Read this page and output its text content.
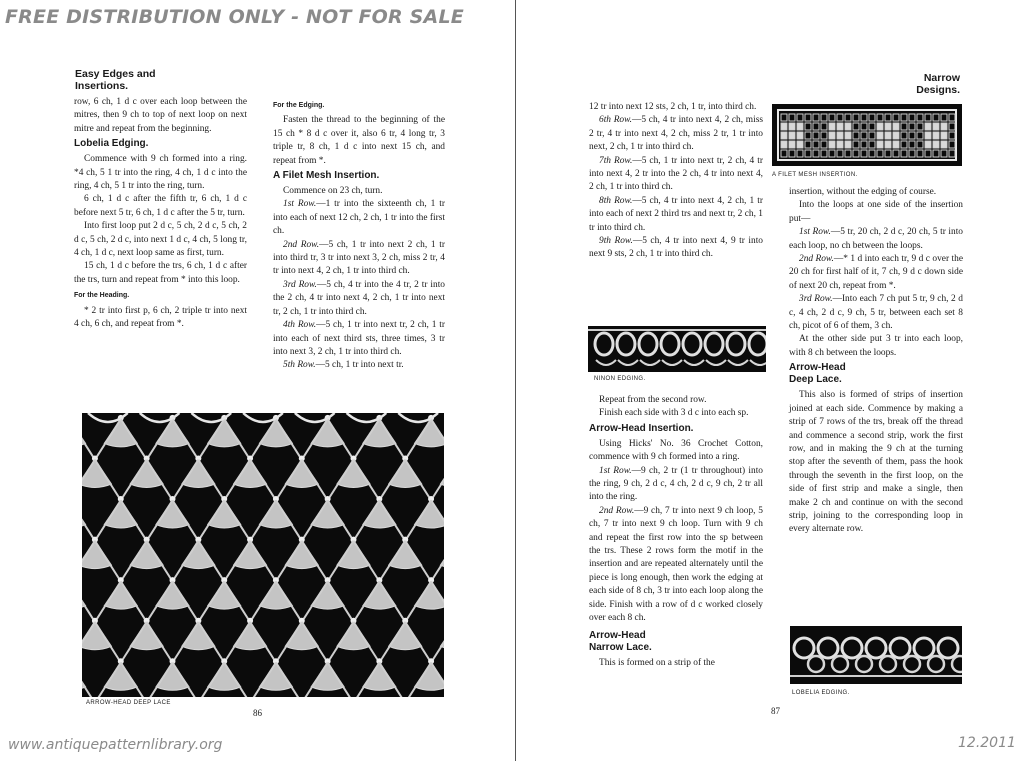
FREE DISTRIBUTION ONLY - NOT FOR SALE
www.antiquepatternlibrary.org	12.2011
Easy Edges and
Insertions.

row, 6 ch, 1 d c over each loop between the mitres, then 9 ch to top of next loop on next mitre and repeat from the beginning.

Lobelia Edging.

Commence with 9 ch formed into a ring. *4 ch, 5 1 tr into the ring, 4 ch, 1 d c into the ring, 4 ch, 5 1 tr into the ring, turn.

6 ch, 1 d c after the fifth tr, 6 ch, 1 d c before next 5 tr, 6 ch, 1 d c after the 5 tr, turn.

Into first loop put 2 d c, 5 ch, 2 d c, 5 ch, 2 d c, 5 ch, 2 d c, into next 1 d c, 4 ch, 5 long tr, 4 ch, 1 d c, next loop same as first, turn.

15 ch, 1 d c before the trs, 6 ch, 1 d c after the trs, turn and repeat from * into this loop.

For the Heading.

* 2 tr into first p, 6 ch, 2 triple tr into next 4 ch, 6 ch, and repeat from *.

For the Edging.

Fasten the thread to the beginning of the 15 ch * 8 d c over it, also 6 tr, 4 long tr, 3 triple tr, 8 ch, 1 d c into next 15 ch, and repeat from *.

A Filet Mesh Insertion.

Commence on 23 ch, turn.

1st Row.—1 tr into the sixteenth ch, 1 tr into each of next 12 ch, 2 ch, 1 tr into the first ch.

2nd Row.—5 ch, 1 tr into next 2 ch, 1 tr into third tr, 3 tr into next 3, 2 ch, miss 2 tr, 4 tr into next 4, 2 ch, 1 tr into third ch.

3rd Row.—5 ch, 4 tr into the 4 tr, 2 tr into the 2 ch, 4 tr into next 4, 2 ch, 1 tr into next tr, 2 ch, 1 tr into third ch.

4th Row.—5 ch, 1 tr into next tr, 2 ch, 1 tr into each of next third sts, three times, 3 tr into next 3, 2 ch, 1 tr into third ch.

5th Row.—5 ch, 1 tr into next tr.

ARROW-HEAD DEEP LACE
86
Narrow
Designs.

12 tr into next 12 sts, 2 ch, 1 tr, into third ch.

6th Row.—5 ch, 4 tr into next 4, 2 ch, miss 2 tr, 4 tr into next 4, 2 ch, miss 2 tr, 1 tr into next, 2 ch, 1 tr into third ch.

7th Row.—5 ch, 1 tr into next tr, 2 ch, 4 tr into next 4, 2 tr into the 2 ch, 4 tr into next 4, 2 ch, 1 tr into third ch.

8th Row.—5 ch, 4 tr into next 4, 2 ch, 1 tr into each of next 2 third trs and next tr, 2 ch, 1 tr into third ch.

9th Row.—5 ch, 4 tr into next 4, 9 tr into next 9 sts, 2 ch, 1 tr into third ch.

NINON EDGING.

Repeat from the second row.

Finish each side with 3 d c into each sp.

Arrow-Head Insertion.

Using Hicks' No. 36 Crochet Cotton, commence with 9 ch formed into a ring.

1st Row.—9 ch, 2 tr (1 tr throughout) into the ring, 9 ch, 2 d c, 4 ch, 2 d c, 9 ch, 2 tr all into the ring.

2nd Row.—9 ch, 7 tr into next 9 ch loop, 5 ch, 7 tr into next 9 ch loop. Turn with 9 ch and repeat the first row into the sp between the trs. These 2 rows form the motif in the insertion and are repeated alternately until the piece is long enough, then work the edging at each side of 8 ch, 3 tr into each loop along the side. Finish with a row of d c worked closely over each 8 ch.

Arrow-Head
Narrow Lace.

This is formed on a strip of the

87
A FILET MESH INSERTION.

insertion, without the edging of course.

Into the loops at one side of the insertion put—

1st Row.—5 tr, 20 ch, 2 d c, 20 ch, 5 tr into each loop, no ch between the loops.

2nd Row.—* 1 d into each tr, 9 d c over the 20 ch for first half of it, 7 ch, 9 d c down side of next 20 ch, repeat from *.

3rd Row.—Into each 7 ch put 5 tr, 9 ch, 2 d c, 4 ch, 2 d c, 9 ch, 5 tr, between each set 8 ch, picot of 6 of them, 3 ch.

At the other side put 3 tr into each loop, with 8 ch between the loops.

Arrow-Head
Deep Lace.

This also is formed of strips of insertion joined at each side. Commence by making a strip of 7 rows of the trs, break off the thread and commence a second strip, work the first row, and in making the 9 ch at the turning stop after the seventh of them, pass the hook through the seventh in the first loop, on the side of first strip and make a single, then make 2 ch and continue on with the second strip, joining to the corresponding loop in every alternate row.

LOBELIA EDGING.
